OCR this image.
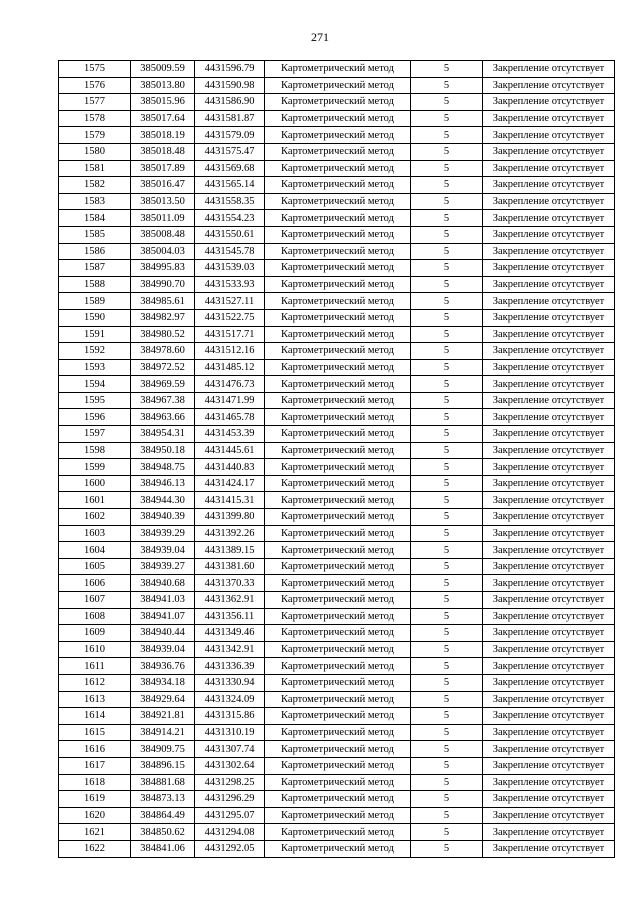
271
1575	385009.59	4431596.79	Картометрический метод	5	Закрепление отсутствует
1576	385013.80	4431590.98	Картометрический метод	5	Закрепление отсутствует
1577	385015.96	4431586.90	Картометрический метод	5	Закрепление отсутствует
1578	385017.64	4431581.87	Картометрический метод	5	Закрепление отсутствует
1579	385018.19	4431579.09	Картометрический метод	5	Закрепление отсутствует
1580	385018.48	4431575.47	Картометрический метод	5	Закрепление отсутствует
1581	385017.89	4431569.68	Картометрический метод	5	Закрепление отсутствует
1582	385016.47	4431565.14	Картометрический метод	5	Закрепление отсутствует
1583	385013.50	4431558.35	Картометрический метод	5	Закрепление отсутствует
1584	385011.09	4431554.23	Картометрический метод	5	Закрепление отсутствует
1585	385008.48	4431550.61	Картометрический метод	5	Закрепление отсутствует
1586	385004.03	4431545.78	Картометрический метод	5	Закрепление отсутствует
1587	384995.83	4431539.03	Картометрический метод	5	Закрепление отсутствует
1588	384990.70	4431533.93	Картометрический метод	5	Закрепление отсутствует
1589	384985.61	4431527.11	Картометрический метод	5	Закрепление отсутствует
1590	384982.97	4431522.75	Картометрический метод	5	Закрепление отсутствует
1591	384980.52	4431517.71	Картометрический метод	5	Закрепление отсутствует
1592	384978.60	4431512.16	Картометрический метод	5	Закрепление отсутствует
1593	384972.52	4431485.12	Картометрический метод	5	Закрепление отсутствует
1594	384969.59	4431476.73	Картометрический метод	5	Закрепление отсутствует
1595	384967.38	4431471.99	Картометрический метод	5	Закрепление отсутствует
1596	384963.66	4431465.78	Картометрический метод	5	Закрепление отсутствует
1597	384954.31	4431453.39	Картометрический метод	5	Закрепление отсутствует
1598	384950.18	4431445.61	Картометрический метод	5	Закрепление отсутствует
1599	384948.75	4431440.83	Картометрический метод	5	Закрепление отсутствует
1600	384946.13	4431424.17	Картометрический метод	5	Закрепление отсутствует
1601	384944.30	4431415.31	Картометрический метод	5	Закрепление отсутствует
1602	384940.39	4431399.80	Картометрический метод	5	Закрепление отсутствует
1603	384939.29	4431392.26	Картометрический метод	5	Закрепление отсутствует
1604	384939.04	4431389.15	Картометрический метод	5	Закрепление отсутствует
1605	384939.27	4431381.60	Картометрический метод	5	Закрепление отсутствует
1606	384940.68	4431370.33	Картометрический метод	5	Закрепление отсутствует
1607	384941.03	4431362.91	Картометрический метод	5	Закрепление отсутствует
1608	384941.07	4431356.11	Картометрический метод	5	Закрепление отсутствует
1609	384940.44	4431349.46	Картометрический метод	5	Закрепление отсутствует
1610	384939.04	4431342.91	Картометрический метод	5	Закрепление отсутствует
1611	384936.76	4431336.39	Картометрический метод	5	Закрепление отсутствует
1612	384934.18	4431330.94	Картометрический метод	5	Закрепление отсутствует
1613	384929.64	4431324.09	Картометрический метод	5	Закрепление отсутствует
1614	384921.81	4431315.86	Картометрический метод	5	Закрепление отсутствует
1615	384914.21	4431310.19	Картометрический метод	5	Закрепление отсутствует
1616	384909.75	4431307.74	Картометрический метод	5	Закрепление отсутствует
1617	384896.15	4431302.64	Картометрический метод	5	Закрепление отсутствует
1618	384881.68	4431298.25	Картометрический метод	5	Закрепление отсутствует
1619	384873.13	4431296.29	Картометрический метод	5	Закрепление отсутствует
1620	384864.49	4431295.07	Картометрический метод	5	Закрепление отсутствует
1621	384850.62	4431294.08	Картометрический метод	5	Закрепление отсутствует
1622	384841.06	4431292.05	Картометрический метод	5	Закрепление отсутствует
